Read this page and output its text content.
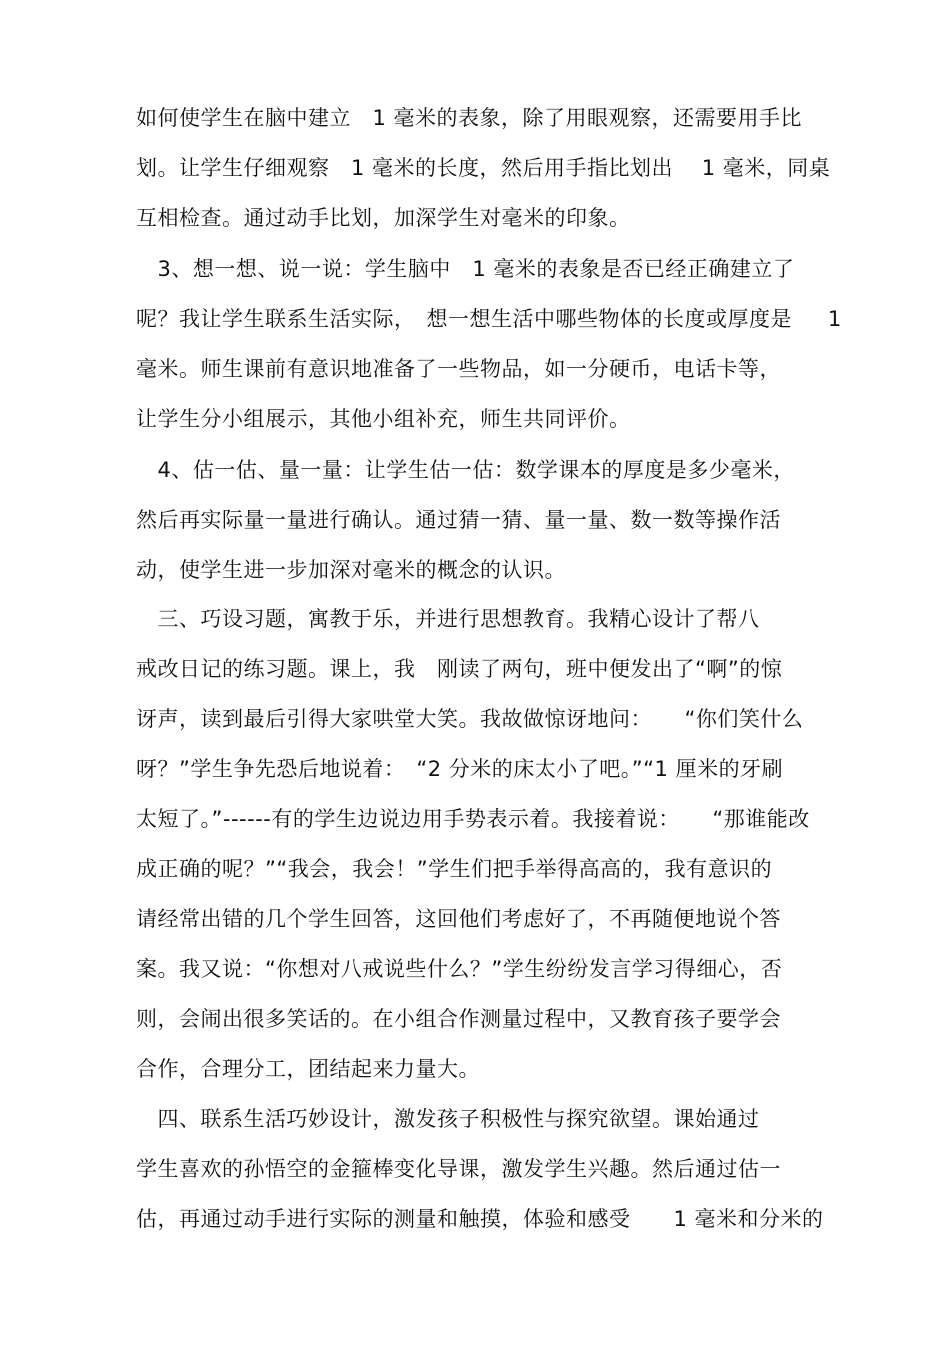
如何使学生在脑中建立　1 毫米的表象，除了用眼观察，还需要用手比
划。让学生仔细观察　1 毫米的长度，然后用手指比划出　 1 毫米，同桌
互相检查。通过动手比划，加深学生对毫米的印象。
　3、想一想、说一说：学生脑中　1 毫米的表象是否已经正确建立了
呢？我让学生联系生活实际，　想一想生活中哪些物体的长度或厚度是　  1
毫米。师生课前有意识地准备了一些物品，如一分硬币，电话卡等，
让学生分小组展示，其他小组补充，师生共同评价。
　4、估一估、量一量：让学生估一估：数学课本的厚度是多少毫米，
然后再实际量一量进行确认。通过猜一猜、量一量、数一数等操作活
动，使学生进一步加深对毫米的概念的认识。
　三、巧设习题，寓教于乐，并进行思想教育。我精心设计了帮八
戒改日记的练习题。课上，我　刚读了两句，班中便发出了“啊”的惊
讶声，读到最后引得大家哄堂大笑。我故做惊讶地问：　　“你们笑什么
呀？”学生争先恐后地说着：　“2 分米的床太小了吧。”“1 厘米的牙刷
太短了。”------有的学生边说边用手势表示着。我接着说：　　“那谁能改
成正确的呢？”“我会，我会！”学生们把手举得高高的，我有意识的
请经常出错的几个学生回答，这回他们考虑好了，不再随便地说个答
案。我又说：“你想对八戒说些什么？”学生纷纷发言学习得细心，否
则，会闹出很多笑话的。在小组合作测量过程中，又教育孩子要学会
合作，合理分工，团结起来力量大。
　四、联系生活巧妙设计，激发孩子积极性与探究欲望。课始通过
学生喜欢的孙悟空的金箍棒变化导课，激发学生兴趣。然后通过估一
估，再通过动手进行实际的测量和触摸，体验和感受　　1 毫米和分米的
